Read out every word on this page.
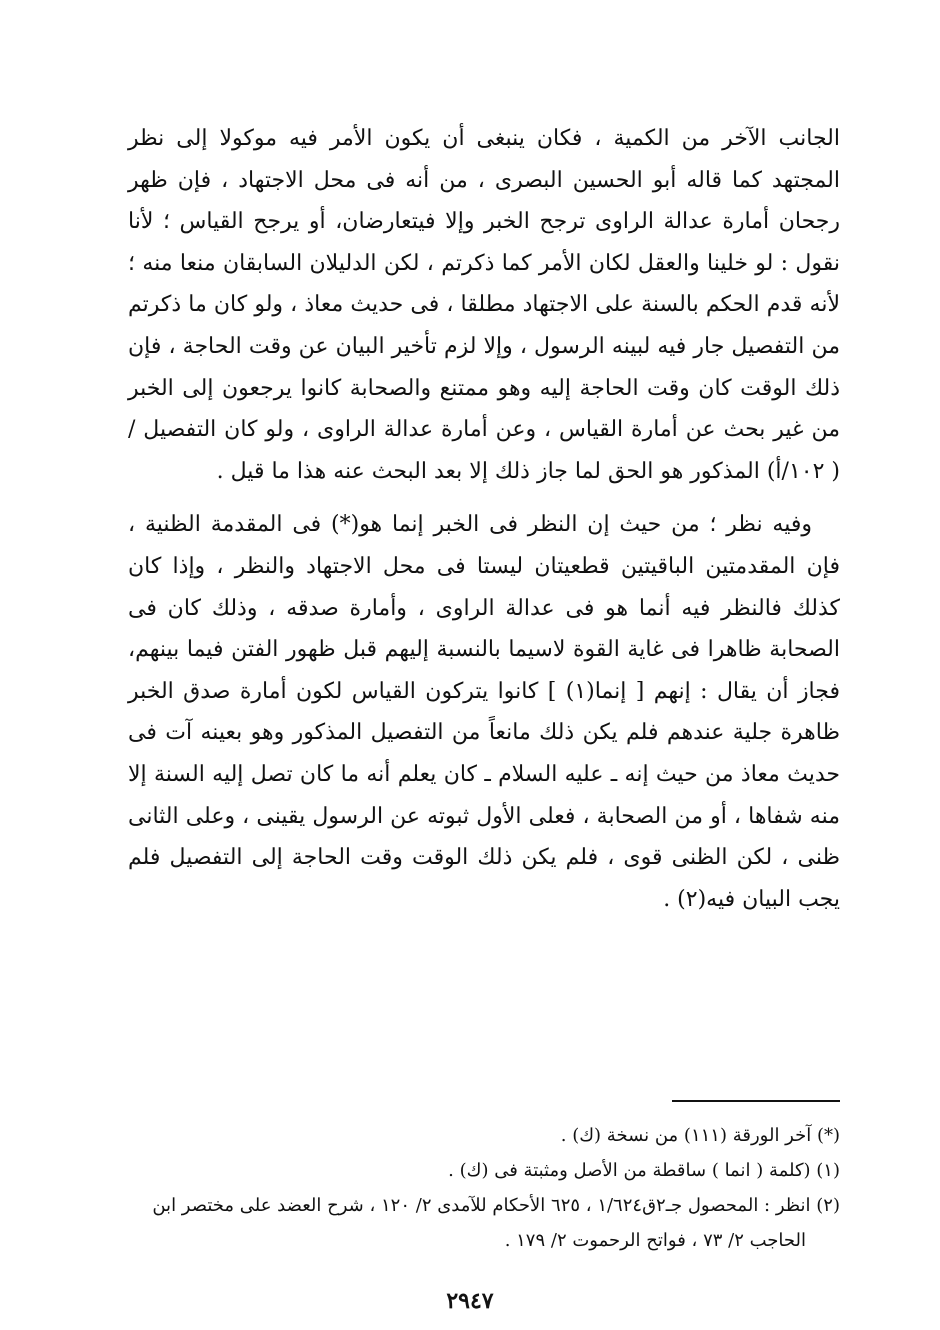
الجانب الآخر من الكمية ، فكان ينبغى أن يكون الأمر فيه موكولا إلى نظر المجتهد كما قاله أبو الحسين البصرى ، من أنه فى محل الاجتهاد ، فإن ظهر رجحان أمارة عدالة الراوى ترجح الخبر وإلا فيتعارضان، أو يرجح القياس ؛ لأنا نقول : لو خلينا والعقل لكان الأمر كما ذكرتم ، لكن الدليلان السابقان منعا منه ؛ لأنه قدم الحكم بالسنة على الاجتهاد مطلقا ، فى حديث معاذ ، ولو كان ما ذكرتم من التفصيل جار فيه لبينه الرسول ، وإلا لزم تأخير البيان عن وقت الحاجة ، فإن ذلك الوقت كان وقت الحاجة إليه وهو ممتنع والصحابة كانوا يرجعون إلى الخبر من غير بحث عن أمارة القياس ، وعن أمارة عدالة الراوى ، ولو كان التفصيل / ( ١٠٢/أ) المذكور هو الحق لما جاز ذلك إلا بعد البحث عنه هذا ما قيل .

وفيه نظر ؛ من حيث إن النظر فى الخبر إنما هو(*) فى المقدمة الظنية ، فإن المقدمتين الباقيتين قطعيتان ليستا فى محل الاجتهاد والنظر ، وإذا كان كذلك فالنظر فيه أنما هو فى عدالة الراوى ، وأمارة صدقه ، وذلك كان فى الصحابة ظاهرا فى غاية القوة لاسيما بالنسبة إليهم قبل ظهور الفتن فيما بينهم، فجاز أن يقال : إنهم [ إنما(١) ] كانوا يتركون القياس لكون أمارة صدق الخبر ظاهرة جلية عندهم فلم يكن ذلك مانعاً من التفصيل المذكور وهو بعينه آت فى حديث معاذ من حيث إنه ـ عليه السلام ـ كان يعلم أنه ما كان تصل إليه السنة إلا منه شفاها ، أو من الصحابة ، فعلى الأول ثبوته عن الرسول يقينى ، وعلى الثانى ظنى ، لكن الظنى قوى ، فلم يكن ذلك الوقت وقت الحاجة إلى التفصيل فلم يجب البيان فيه(٢) .

(*) آخر الورقة (١١١) من نسخة (ك) .

(١) (كلمة ( انما ) ساقطة من الأصل ومثبتة فى (ك) .

(٢) انظر : المحصول جـ٢ق١/٦٢٤ ، ٦٢٥ الأحكام للآمدى ٢/ ١٢٠ ، شرح العضد على مختصر ابن الحاجب ٢/ ٧٣ ، فواتح الرحموت ٢/ ١٧٩ .

٢٩٤٧
